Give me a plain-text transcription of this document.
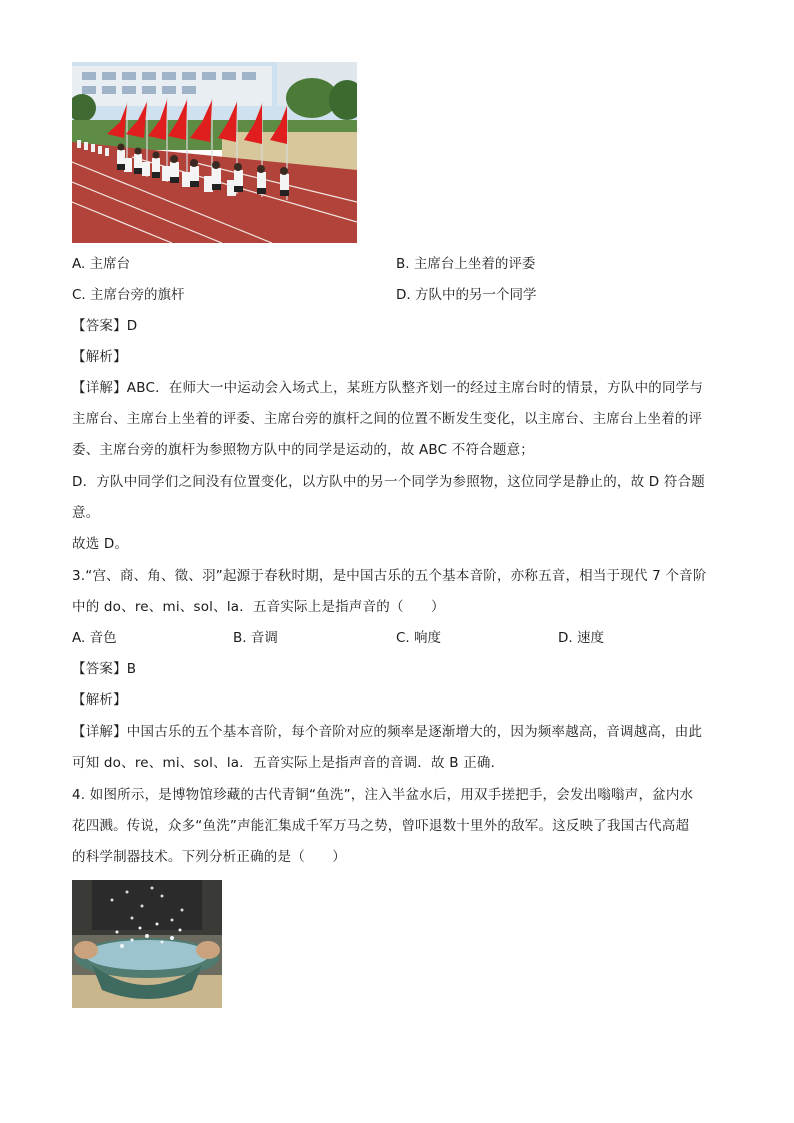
A. 主席台	B. 主席台上坐着的评委
C. 主席台旁的旗杆	D. 方队中的另一个同学
【答案】D
【解析】
【详解】ABC．在师大一中运动会入场式上，某班方队整齐划一的经过主席台时的情景，方队中的同学与
主席台、主席台上坐着的评委、主席台旁的旗杆之间的位置不断发生变化，以主席台、主席台上坐着的评
委、主席台旁的旗杆为参照物方队中的同学是运动的，故 ABC 不符合题意；
D．方队中同学们之间没有位置变化，以方队中的另一个同学为参照物，这位同学是静止的，故 D 符合题
意。
故选 D。
3.“宫、商、角、徵、羽”起源于春秋时期，是中国古乐的五个基本音阶，亦称五音，相当于现代 7 个音阶
中的 do、re、mi、sol、la．五音实际上是指声音的（　　）
A. 音色	B. 音调	C. 响度	D. 速度
【答案】B
【解析】
【详解】中国古乐的五个基本音阶，每个音阶对应的频率是逐渐增大的，因为频率越高，音调越高，由此
可知 do、re、mi、sol、la．五音实际上是指声音的音调．故 B 正确．
4. 如图所示，是博物馆珍藏的古代青铜“鱼洗”，注入半盆水后，用双手搓把手，会发出嗡嗡声，盆内水
花四溅。传说，众多“鱼洗”声能汇集成千军万马之势，曾吓退数十里外的敌军。这反映了我国古代高超
的科学制器技术。下列分析正确的是（　　）
